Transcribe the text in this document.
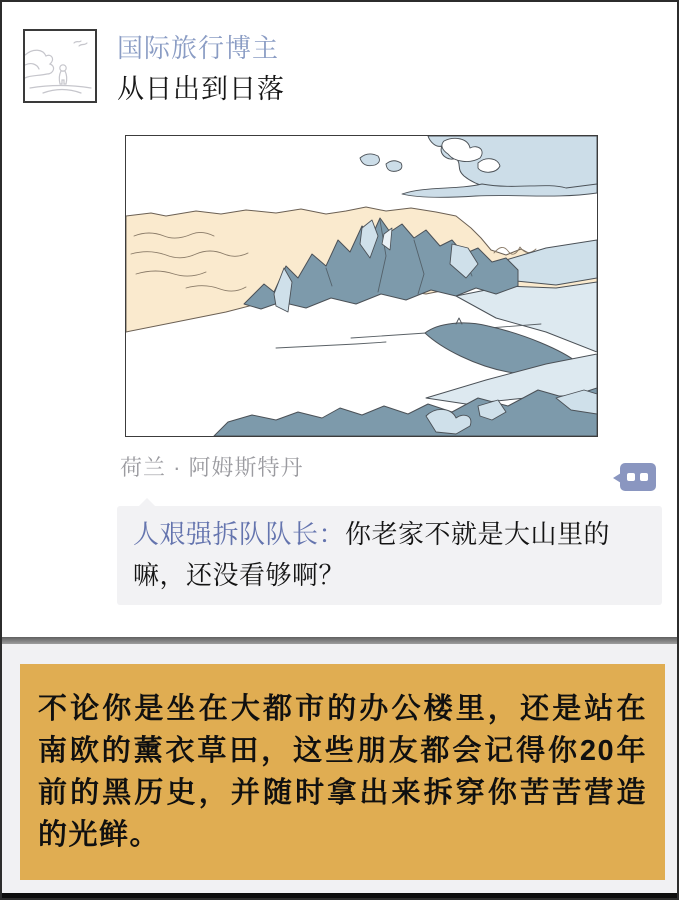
国际旅行博主
从日出到日落
荷兰 · 阿姆斯特丹
人艰强拆队队长：你老家不就是大山里的嘛，还没看够啊？
不论你是坐在大都市的办公楼里，还是站在南欧的薰衣草田，这些朋友都会记得你20年前的黑历史，并随时拿出来拆穿你苦苦营造的光鲜。
